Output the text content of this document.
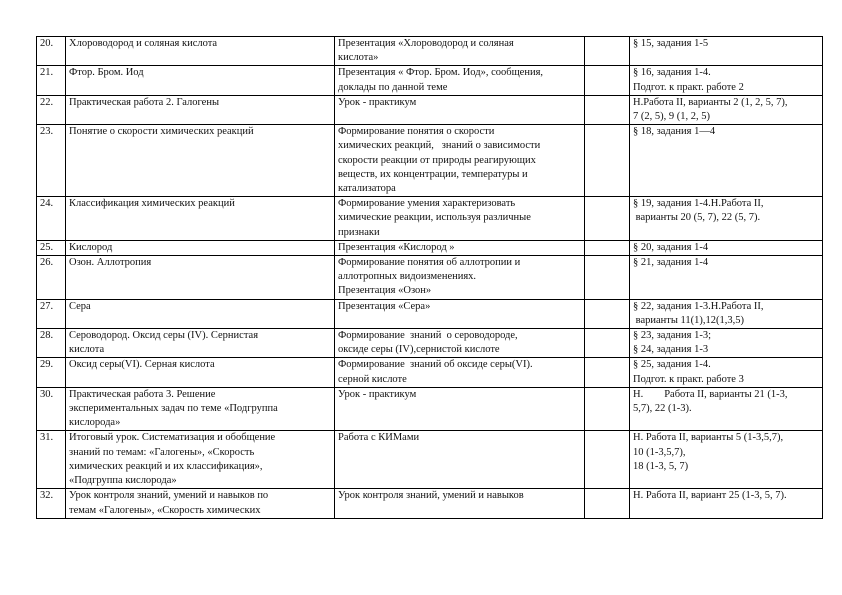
20.	Хлороводород и соляная кислота	Презентация «Хлороводород и соляная
кислота»		§ 15, задания 1-5

21.	Фтор. Бром. Иод	Презентация « Фтор. Бром. Иод», сообщения,
доклады по данной теме		§ 16, задания 1-4.
Подгот. к практ. работе 2

22.	Практическая работа 2. Галогены	Урок - практикум		Н.Работа II, варианты 2 (1, 2, 5, 7),
7 (2, 5), 9 (1, 2, 5)

23.	Понятие о скорости химических реакций	Формирование понятия о скорости
химических реакций,   знаний о зависимости
скорости реакции от природы реагирующих
веществ, их концентрации, температуры и
катализатора		§ 18, задания 1—4

24.	Классификация химических реакций	Формирование умения характеризовать
химические реакции, используя различные
признаки		§ 19, задания 1-4.Н.Работа II,
варианты 20 (5, 7), 22 (5, 7).

25.	Кислород	Презентация «Кислород »		§ 20, задания 1-4

26.	Озон. Аллотропия	Формирование понятия об аллотропии и
аллотропных видоизменениях.
Презентация «Озон»		§ 21, задания 1-4

27.	Сера	Презентация «Сера»		§ 22, задания 1-3.Н.Работа II,
варианты 11(1),12(1,3,5)

28.	Сероводород. Оксид серы (IV). Сернистая
кислота	Формирование  знаний  о сероводороде,
оксиде серы (IV),сернистой кислоте		§ 23, задания 1-3;
§ 24, задания 1-3

29.	Оксид серы(VI). Серная кислота	Формирование  знаний об оксиде серы(VI).
серной кислоте		§ 25, задания 1-4.
Подгот. к практ. работе 3

30.	Практическая работа 3. Решение
экспериментальных задач по теме «Подгруппа
кислорода»	Урок - практикум		Н.        Работа II, варианты 21 (1-3,
5,7), 22 (1-3).

31.	Итоговый урок. Систематизация и обобщение
знаний по темам: «Галогены», «Скорость
химических реакций и их классификация»,
«Подгруппа кислорода»	Работа с КИМами		Н. Работа II, варианты 5 (1-3,5,7),
10 (1-3,5,7),
18 (1-3, 5, 7)

32.	Урок контроля знаний, умений и навыков по
темам «Галогены», «Скорость химических	Урок контроля знаний, умений и навыков		Н. Работа II, вариант 25 (1-3, 5, 7).
